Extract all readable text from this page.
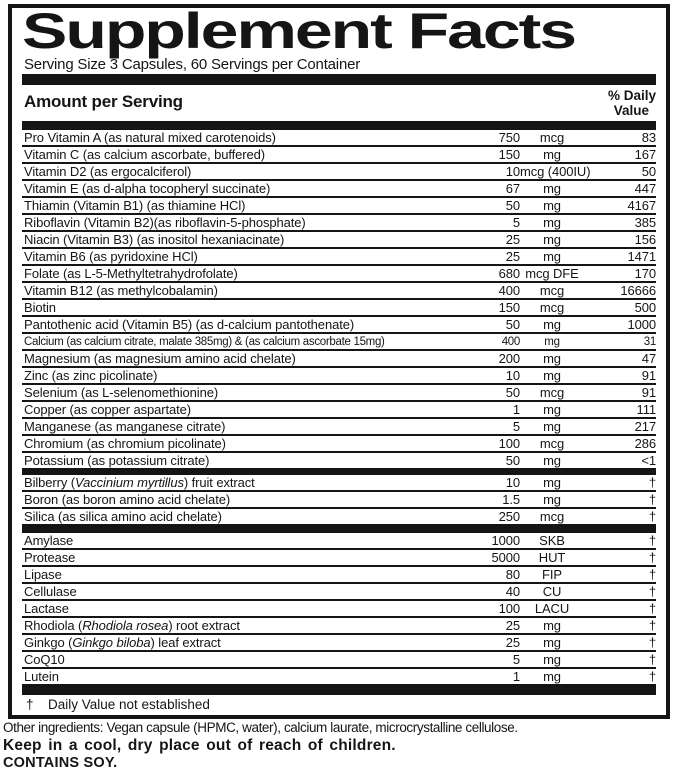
Supplement Facts
Serving Size 3 Capsules, 60 Servings per Container
Amount per Serving	% Daily
Value
Pro Vitamin A (as natural mixed carotenoids)	750	mcg	83
Vitamin C (as calcium ascorbate, buffered)	150	mg	167
Vitamin D2 (as ergocalciferol)	10 mcg (400IU)	50
Vitamin E (as d-alpha tocopheryl succinate)	67	mg	447
Thiamin (Vitamin B1) (as thiamine HCl)	50	mg	4167
Riboflavin (Vitamin B2)(as riboflavin-5-phosphate)	5	mg	385
Niacin (Vitamin B3) (as inositol hexaniacinate)	25	mg	156
Vitamin B6 (as pyridoxine HCl)	25	mg	1471
Folate (as L-5-Methyltetrahydrofolate)	680 mcg DFE	170
Vitamin B12 (as methylcobalamin)	400	mcg	16666
Biotin	150	mcg	500
Pantothenic acid (Vitamin B5) (as d-calcium pantothenate)	50	mg	1000
Calcium (as calcium citrate, malate 385mg) & (as calcium ascorbate 15mg)	400	mg	31
Magnesium (as magnesium amino acid chelate)	200	mg	47
Zinc (as zinc picolinate)	10	mg	91
Selenium (as L-selenomethionine)	50	mcg	91
Copper (as copper aspartate)	1	mg	111
Manganese (as manganese citrate)	5	mg	217
Chromium (as chromium picolinate)	100	mcg	286
Potassium (as potassium citrate)	50	mg	<1
Bilberry (Vaccinium myrtillus) fruit extract	10	mg	†
Boron (as boron amino acid chelate)	1.5	mg	†
Silica (as silica amino acid chelate)	250	mcg	†
Amylase	1000	SKB	†
Protease	5000	HUT	†
Lipase	80	FIP	†
Cellulase	40	CU	†
Lactase	100	LACU	†
Rhodiola (Rhodiola rosea) root extract	25	mg	†
Ginkgo (Ginkgo biloba) leaf extract	25	mg	†
CoQ10	5	mg	†
Lutein	1	mg	†
† Daily Value not established
Other ingredients: Vegan capsule (HPMC, water), calcium laurate, microcrystalline cellulose.
Keep in a cool, dry place out of reach of children.
CONTAINS SOY.
